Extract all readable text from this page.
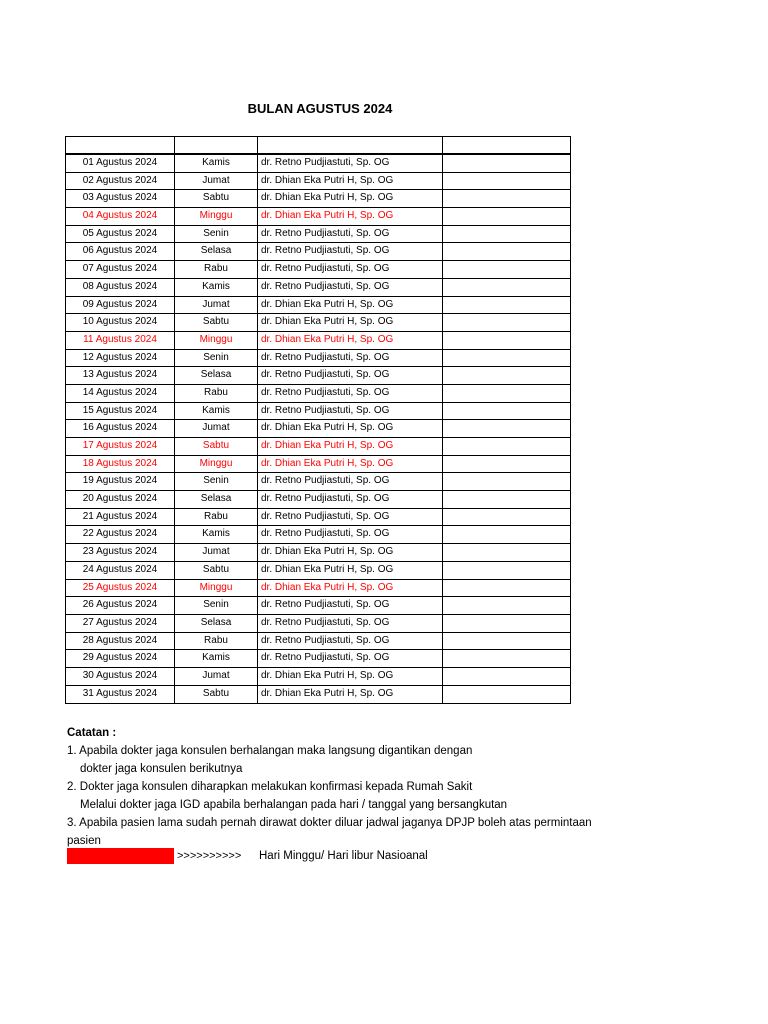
BULAN AGUSTUS 2024
01 Agustus 2024	Kamis	dr. Retno Pudjiastuti, Sp. OG
02 Agustus 2024	Jumat	dr. Dhian Eka Putri H, Sp. OG
03 Agustus 2024	Sabtu	dr. Dhian Eka Putri H, Sp. OG
04 Agustus 2024	Minggu	dr. Dhian Eka Putri H, Sp. OG
05 Agustus 2024	Senin	dr. Retno Pudjiastuti, Sp. OG
06 Agustus 2024	Selasa	dr. Retno Pudjiastuti, Sp. OG
07 Agustus 2024	Rabu	dr. Retno Pudjiastuti, Sp. OG
08 Agustus 2024	Kamis	dr. Retno Pudjiastuti, Sp. OG
09 Agustus 2024	Jumat	dr. Dhian Eka Putri H, Sp. OG
10 Agustus 2024	Sabtu	dr. Dhian Eka Putri H, Sp. OG
11 Agustus 2024	Minggu	dr. Dhian Eka Putri H, Sp. OG
12 Agustus 2024	Senin	dr. Retno Pudjiastuti, Sp. OG
13 Agustus 2024	Selasa	dr. Retno Pudjiastuti, Sp. OG
14 Agustus 2024	Rabu	dr. Retno Pudjiastuti, Sp. OG
15 Agustus 2024	Kamis	dr. Retno Pudjiastuti, Sp. OG
16 Agustus 2024	Jumat	dr. Dhian Eka Putri H, Sp. OG
17 Agustus 2024	Sabtu	dr. Dhian Eka Putri H, Sp. OG
18 Agustus 2024	Minggu	dr. Dhian Eka Putri H, Sp. OG
19 Agustus 2024	Senin	dr. Retno Pudjiastuti, Sp. OG
20 Agustus 2024	Selasa	dr. Retno Pudjiastuti, Sp. OG
21 Agustus 2024	Rabu	dr. Retno Pudjiastuti, Sp. OG
22 Agustus 2024	Kamis	dr. Retno Pudjiastuti, Sp. OG
23 Agustus 2024	Jumat	dr. Dhian Eka Putri H, Sp. OG
24 Agustus 2024	Sabtu	dr. Dhian Eka Putri H, Sp. OG
25 Agustus 2024	Minggu	dr. Dhian Eka Putri H, Sp. OG
26 Agustus 2024	Senin	dr. Retno Pudjiastuti, Sp. OG
27 Agustus 2024	Selasa	dr. Retno Pudjiastuti, Sp. OG
28 Agustus 2024	Rabu	dr. Retno Pudjiastuti, Sp. OG
29 Agustus 2024	Kamis	dr. Retno Pudjiastuti, Sp. OG
30 Agustus 2024	Jumat	dr. Dhian Eka Putri H, Sp. OG
31 Agustus 2024	Sabtu	dr. Dhian Eka Putri H, Sp. OG
Catatan :
1. Apabila dokter jaga konsulen berhalangan maka langsung digantikan dengan
dokter jaga konsulen berikutnya
2. Dokter jaga konsulen diharapkan melakukan konfirmasi kepada Rumah Sakit
Melalui dokter jaga IGD apabila berhalangan pada hari / tanggal yang bersangkutan
3. Apabila pasien lama sudah pernah dirawat dokter diluar jadwal jaganya DPJP boleh atas permintaan
pasien
>>>>>>>>>> Hari Minggu/ Hari libur Nasioanal
